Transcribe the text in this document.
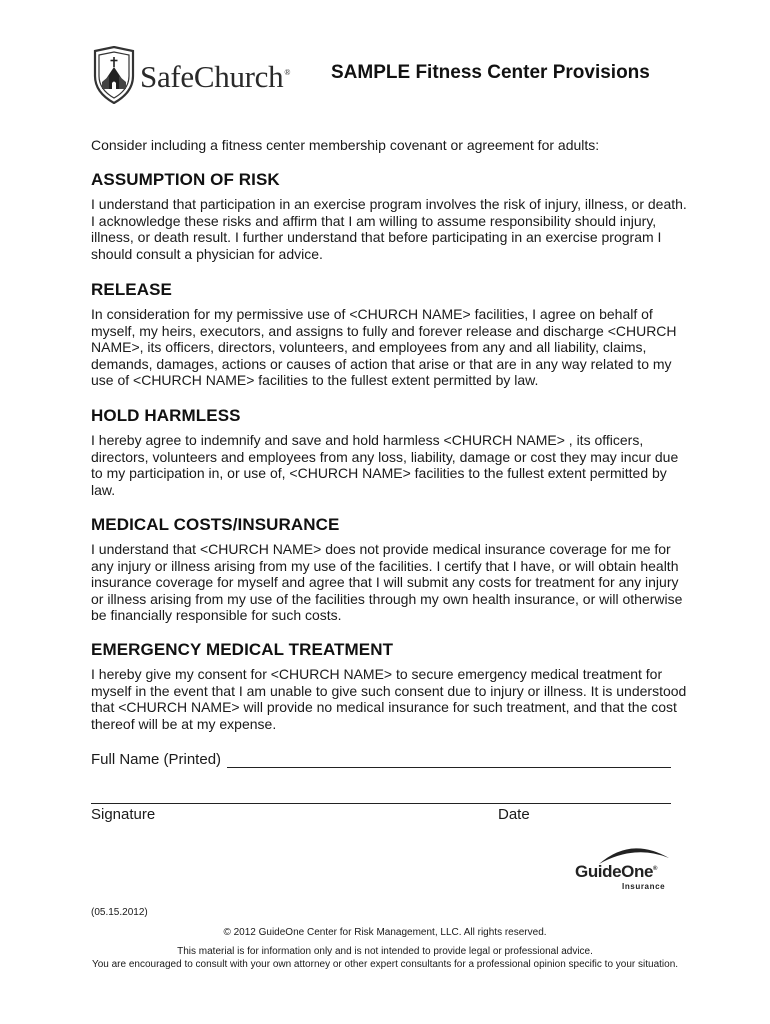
SafeChurch® SAMPLE Fitness Center Provisions
Consider including a fitness center membership covenant or agreement for adults:
ASSUMPTION OF RISK

I understand that participation in an exercise program involves the risk of injury, illness, or death. I acknowledge these risks and affirm that I am willing to assume responsibility should injury, illness, or death result. I further understand that before participating in an exercise program I should consult a physician for advice.

RELEASE

In consideration for my permissive use of <CHURCH NAME> facilities, I agree on behalf of myself, my heirs, executors, and assigns to fully and forever release and discharge <CHURCH NAME>, its officers, directors, volunteers, and employees from any and all liability, claims, demands, damages, actions or causes of action that arise or that are in any way related to my use of <CHURCH NAME> facilities to the fullest extent permitted by law.

HOLD HARMLESS

I hereby agree to indemnify and save and hold harmless <CHURCH NAME> , its officers, directors, volunteers and employees from any loss, liability, damage or cost they may incur due to my participation in, or use of, <CHURCH NAME> facilities to the fullest extent permitted by law.

MEDICAL COSTS/INSURANCE

I understand that <CHURCH NAME> does not provide medical insurance coverage for me for any injury or illness arising from my use of the facilities. I certify that I have, or will obtain health insurance coverage for myself and agree that I will submit any costs for treatment for any injury or illness arising from my use of the facilities through my own health insurance, or will otherwise be financially responsible for such costs.

EMERGENCY MEDICAL TREATMENT

I hereby give my consent for <CHURCH NAME> to secure emergency medical treatment for myself in the event that I am unable to give such consent due to injury or illness. It is understood that <CHURCH NAME> will provide no medical insurance for such treatment, and that the cost thereof will be at my expense.

Full Name (Printed)
Signature	Date
GuideOne®
Insurance
(05.15.2012)
© 2012 GuideOne Center for Risk Management, LLC. All rights reserved.
This material is for information only and is not intended to provide legal or professional advice.
You are encouraged to consult with your own attorney or other expert consultants for a professional opinion specific to your situation.
